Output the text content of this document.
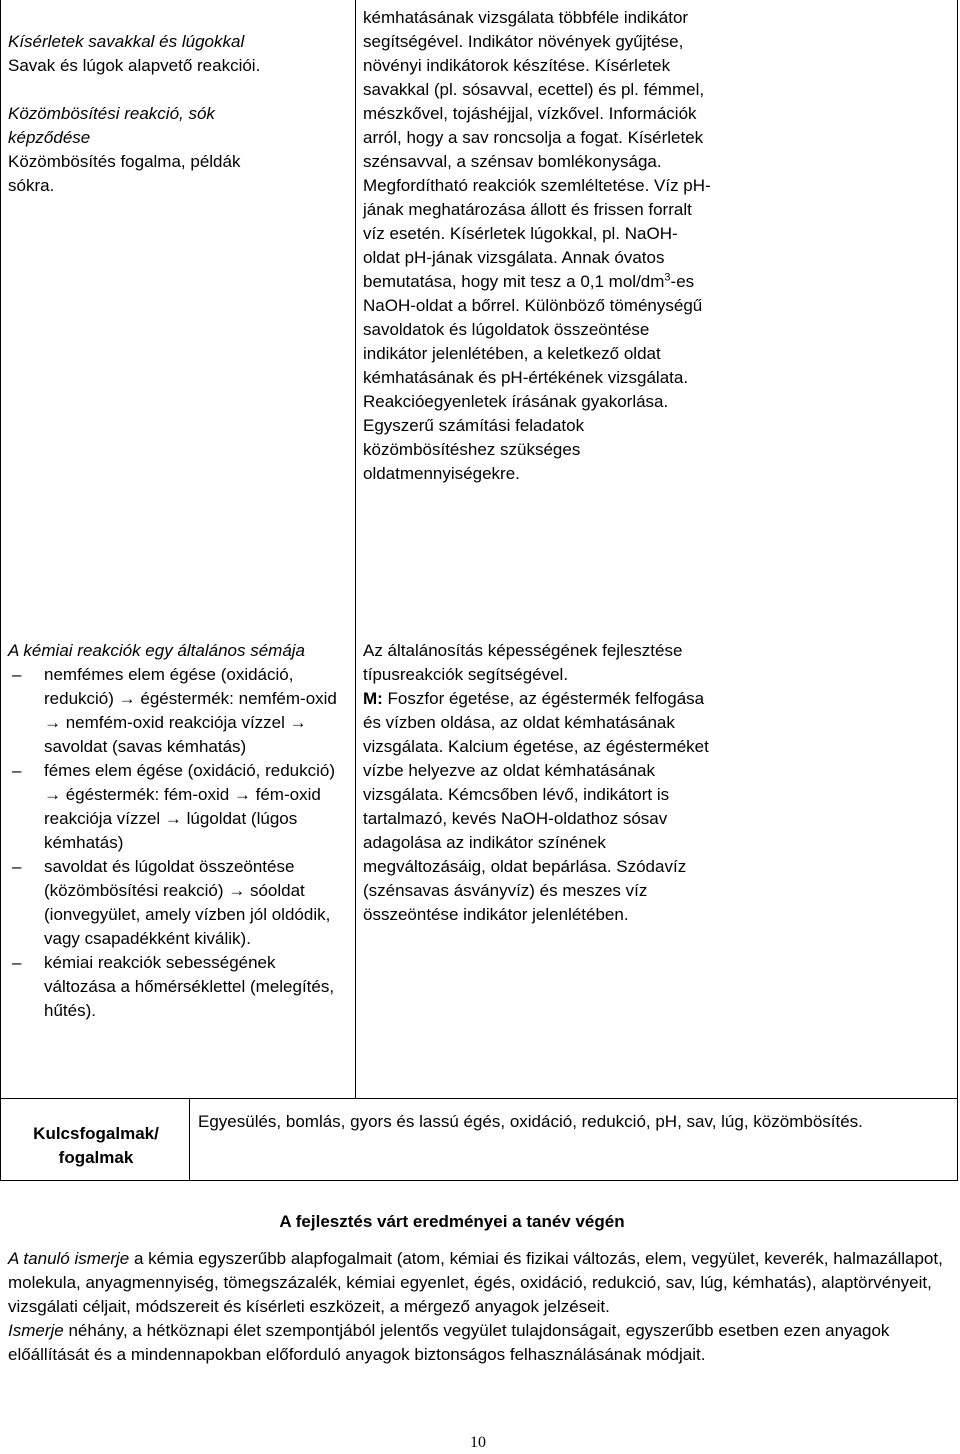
Kísérletek savakkal és lúgokkal
Savak és lúgok alapvető reakciói.
Közömbösítési reakció, sók
képződése
Közömbösítés fogalma, példák
sókra.

kémhatásának vizsgálata többféle indikátor segítségével. Indikátor növények gyűjtése, növényi indikátorok készítése. Kísérletek savakkal (pl. sósavval, ecettel) és pl. fémmel, mészkővel, tojáshéjjal, vízkővel. Információk arról, hogy a sav roncsolja a fogat. Kísérletek szénsavval, a szénsav bomlékonysága. Megfordítható reakciók szemléltetése. Víz pH-jának meghatározása állott és frissen forralt víz esetén. Kísérletek lúgokkal, pl. NaOH-oldat pH-jának vizsgálata. Annak óvatos bemutatása, hogy mit tesz a 0,1 mol/$dm^3-es$ NaOH-oldat a bőrrel. Különböző töménységű savoldatok és lúgoldatok összeöntése indikátor jelenlétében, a keletkező oldat kémhatásának és pH-értékének vizsgálata. Reakcióegyenletek írásának gyakorlása.

Egyszerű számítási feladatok közömbösítéshez szükséges oldatmennyiségekre.

A kémiai reakciók egy általános sémája
– nemfémes elem égése (oxidáció, redukció) → égéstermék: nemfém-oxid → nemfém-oxid reakciója vízzel → savoldat (savas kémhatás)
– fémes elem égése (oxidáció, redukció) → égéstermék: fém-oxid → fém-oxid reakciója vízzel → lúgoldat (lúgos kémhatás)
– savoldat és lúgoldat összeöntése (közömbösítési reakció) → sóoldat (ionvegyület, amely vízben jól oldódik, vagy csapadékként kiválik).
– kémiai reakciók sebességének változása a hőmérséklettel (melegítés, hűtés).

Az általánosítás képességének fejlesztése típusreakciók segítségével.

M: Foszfor égetése, az égéstermék felfogása és vízben oldása, az oldat kémhatásának vizsgálata. Kalcium égetése, az égésterméket vízbe helyezve az oldat kémhatásának vizsgálata. Kémcsőben lévő, indikátort is tartalmazó, kevés NaOH-oldathoz sósav adagolása az indikátor színének megváltozásáig, oldat bepárlása. Szódavíz (szénsavas ásványvíz) és meszes víz összeöntése indikátor jelenlétében.

Kulcsfogalmak/ fogalmak
Egyesülés, bomlás, gyors és lassú égés, oxidáció, redukció, pH, sav, lúg, közömbösítés.
A fejlesztés várt eredményei a tanév végén

A tanuló ismerje a kémia egyszerűbb alapfogalmait (atom, kémiai és fizikai változás, elem, vegyület, keverék, halmazállapot, molekula, anyagmennyiség, tömegszázalék, kémiai egyenlet, égés, oxidáció, redukció, sav, lúg, kémhatás), alaptörvényeit, vizsgálati céljait, módszereit és kísérleti eszközeit, a mérgező anyagok jelzéseit.

Ismerje néhány, a hétköznapi élet szempontjából jelentős vegyület tulajdonságait, egyszerűbb esetben ezen anyagok előállítását és a mindennapokban előforduló anyagok biztonságos felhasználásának módjait.

10
